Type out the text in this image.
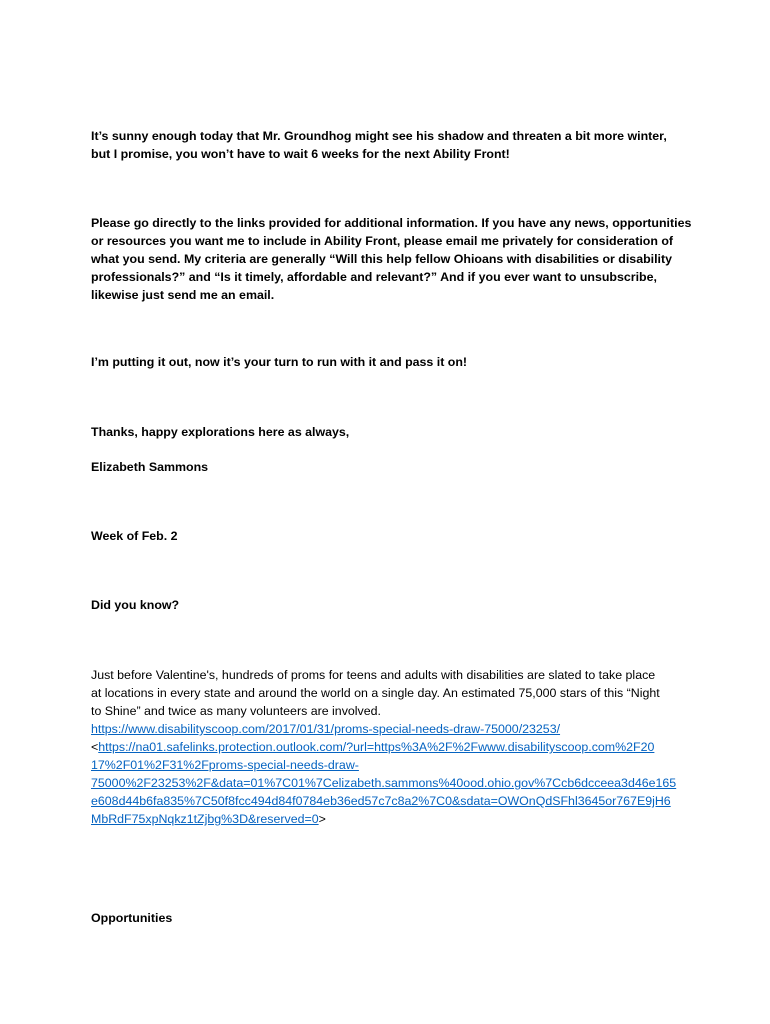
It’s sunny enough today that Mr. Groundhog might see his shadow and threaten a bit more winter,
but I promise, you won’t have to wait 6 weeks for the next Ability Front!
Please go directly to the links provided for additional information. If you have any news, opportunities
or resources you want me to include in Ability Front, please email me privately for consideration of
what you send. My criteria are generally “Will this help fellow Ohioans with disabilities or disability
professionals?” and “Is it timely, affordable and relevant?” And if you ever want to unsubscribe,
likewise just send me an email.
I’m putting it out, now it’s your turn to run with it and pass it on!
Thanks, happy explorations here as always,
Elizabeth Sammons
Week of Feb. 2
Did you know?
Just before Valentine's, hundreds of proms for teens and adults with disabilities are slated to take place
at locations in every state and around the world on a single day. An estimated 75,000 stars of this “Night
to Shine” and twice as many volunteers are involved.
https://www.disabilityscoop.com/2017/01/31/proms-special-needs-draw-75000/23253/
<https://na01.safelinks.protection.outlook.com/?url=https%3A%2F%2Fwww.disabilityscoop.com%2F20
17%2F01%2F31%2Fproms-special-needs-draw-
75000%2F23253%2F&data=01%7C01%7Celizabeth.sammons%40ood.ohio.gov%7Ccb6dcceea3d46e165
e608d44b6fa835%7C50f8fcc494d84f0784eb36ed57c7c8a2%7C0&sdata=OWOnQdSFhl3645or767E9jH6
MbRdF75xpNqkz1tZjbg%3D&reserved=0>
Opportunities
